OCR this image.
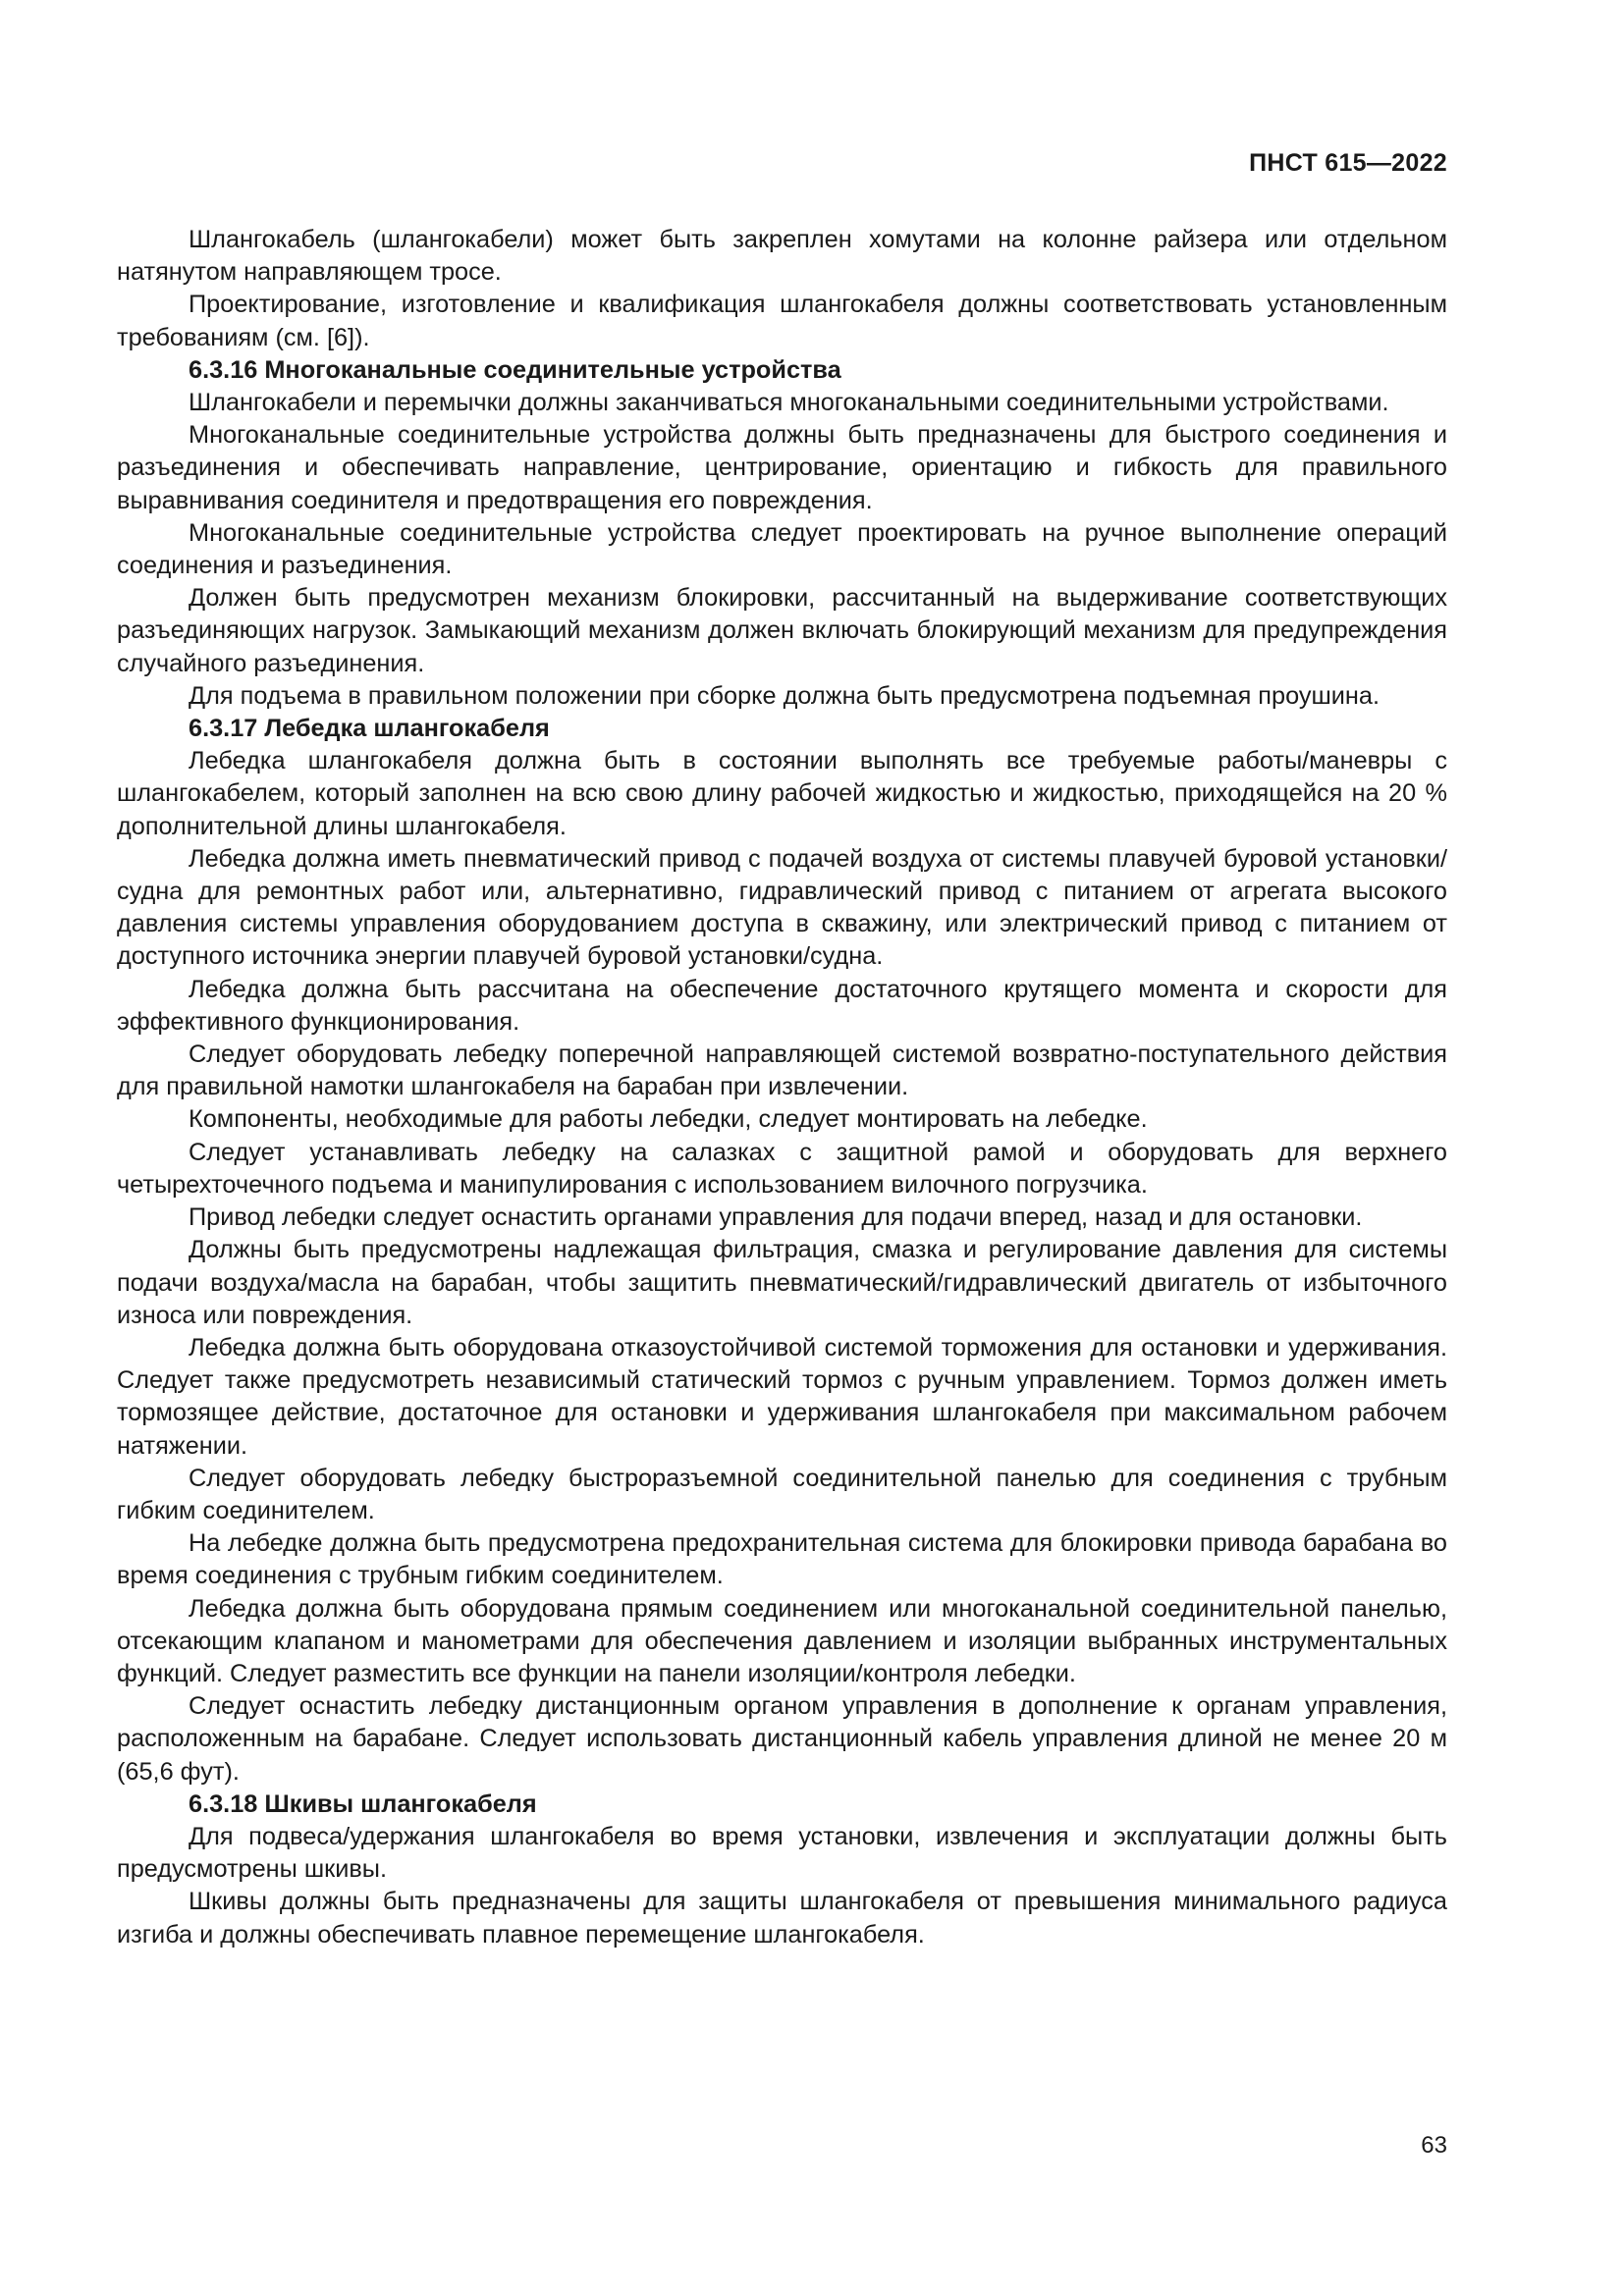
ПНСТ 615—2022

Шлангокабель (шлангокабели) может быть закреплен хомутами на колонне райзера или отдельном натянутом направляющем тросе.

Проектирование, изготовление и квалификация шлангокабеля должны соответствовать установленным требованиям (см. [6]).

6.3.16 Многоканальные соединительные устройства

Шлангокабели и перемычки должны заканчиваться многоканальными соединительными устройствами.

Многоканальные соединительные устройства должны быть предназначены для быстрого соединения и разъединения и обеспечивать направление, центрирование, ориентацию и гибкость для правильного выравнивания соединителя и предотвращения его повреждения.

Многоканальные соединительные устройства следует проектировать на ручное выполнение операций соединения и разъединения.

Должен быть предусмотрен механизм блокировки, рассчитанный на выдерживание соответствующих разъединяющих нагрузок. Замыкающий механизм должен включать блокирующий механизм для предупреждения случайного разъединения.

Для подъема в правильном положении при сборке должна быть предусмотрена подъемная проушина.

6.3.17 Лебедка шлангокабеля

Лебедка шлангокабеля должна быть в состоянии выполнять все требуемые работы/маневры с шлангокабелем, который заполнен на всю свою длину рабочей жидкостью и жидкостью, приходящейся на 20 % дополнительной длины шлангокабеля.

Лебедка должна иметь пневматический привод с подачей воздуха от системы плавучей буровой установки/судна для ремонтных работ или, альтернативно, гидравлический привод с питанием от агрегата высокого давления системы управления оборудованием доступа в скважину, или электрический привод с питанием от доступного источника энергии плавучей буровой установки/судна.

Лебедка должна быть рассчитана на обеспечение достаточного крутящего момента и скорости для эффективного функционирования.

Следует оборудовать лебедку поперечной направляющей системой возвратно-поступательного действия для правильной намотки шлангокабеля на барабан при извлечении.

Компоненты, необходимые для работы лебедки, следует монтировать на лебедке.

Следует устанавливать лебедку на салазках с защитной рамой и оборудовать для верхнего четырехточечного подъема и манипулирования с использованием вилочного погрузчика.

Привод лебедки следует оснастить органами управления для подачи вперед, назад и для остановки.

Должны быть предусмотрены надлежащая фильтрация, смазка и регулирование давления для системы подачи воздуха/масла на барабан, чтобы защитить пневматический/гидравлический двигатель от избыточного износа или повреждения.

Лебедка должна быть оборудована отказоустойчивой системой торможения для остановки и удерживания. Следует также предусмотреть независимый статический тормоз с ручным управлением. Тормоз должен иметь тормозящее действие, достаточное для остановки и удерживания шлангокабеля при максимальном рабочем натяжении.

Следует оборудовать лебедку быстроразъемной соединительной панелью для соединения с трубным гибким соединителем.

На лебедке должна быть предусмотрена предохранительная система для блокировки привода барабана во время соединения с трубным гибким соединителем.

Лебедка должна быть оборудована прямым соединением или многоканальной соединительной панелью, отсекающим клапаном и манометрами для обеспечения давлением и изоляции выбранных инструментальных функций. Следует разместить все функции на панели изоляции/контроля лебедки.

Следует оснастить лебедку дистанционным органом управления в дополнение к органам управления, расположенным на барабане. Следует использовать дистанционный кабель управления длиной не менее 20 м (65,6 фут).

6.3.18 Шкивы шлангокабеля

Для подвеса/удержания шлангокабеля во время установки, извлечения и эксплуатации должны быть предусмотрены шкивы.

Шкивы должны быть предназначены для защиты шлангокабеля от превышения минимального радиуса изгиба и должны обеспечивать плавное перемещение шлангокабеля.

63
